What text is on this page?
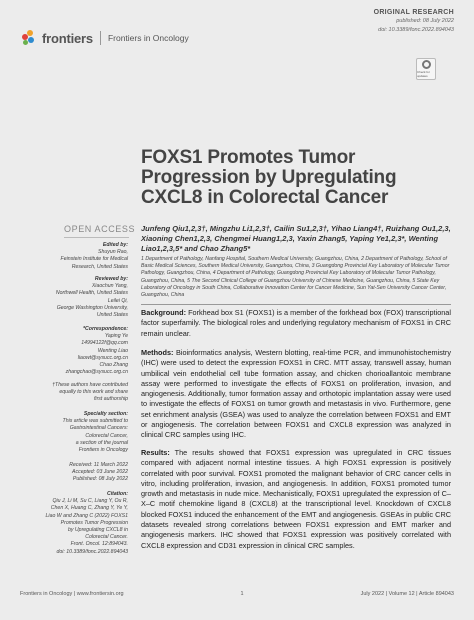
frontiers Frontiers in Oncology
ORIGINAL RESEARCH
published: 08 July 2022
doi: 10.3389/fonc.2022.894043
Check for updates
FOXS1 Promotes Tumor Progression by Upregulating CXCL8 in Colorectal Cancer
OPEN ACCESS
Edited by:
Shuyun Rao,
Feinstein Institute for Medical
Research, United States
Reviewed by:
Xiaochun Yang,
Northwell Health, United States
Leilei Qi,
George Washington University,
United States
*Correspondence:
Yaping Ye
14994122f@qq.com
Wenting Liao
liaowt@sysucc.org.cn
Chao Zhang
zhangchao@sysucc.org.cn
†These authors have contributed
equally to this work and share
first authorship
Specialty section:
This article was submitted to
Gastrointestinal Cancers:
Colorectal Cancer,
a section of the journal
Frontiers in Oncology
Received: 11 March 2022
Accepted: 03 June 2022
Published: 08 July 2022
Citation:
Qiu J, Li M, Su C, Liang Y, Ou R,
Chen X, Huang C, Zhang Y, Ye Y,
Liao W and Zhang C (2022) FOXS1
Promotes Tumor Progression
by Upregulating CXCL8 in
Colorectal Cancer.
Front. Oncol. 12:894043.
doi: 10.3389/fonc.2022.894043
Junfeng Qiu1,2,3†, Mingzhu Li1,2,3†, Cailin Su1,2,3†, Yihao Liang4†, Ruizhang Ou1,2,3, Xiaoning Chen1,2,3, Chengmei Huang1,2,3, Yaxin Zhang5, Yaping Ye1,2,3*, Wenting Liao1,2,3,5* and Chao Zhang5*
1 Department of Pathology, Nanfang Hospital, Southern Medical University, Guangzhou, China, 2 Department of Pathology, School of Basic Medical Sciences, Southern Medical University, Guangzhou, China, 3 Guangdong Provincial Key Laboratory of Molecular Tumor Pathology, Guangzhou, China, 4 Department of Pathology, Guangdong Provincial Key Laboratory of Molecular Tumor Pathology, Guangzhou, China, 5 The Second Clinical College of Guangzhou University of Chinese Medicine, Guangzhou, China, 5 State Key Laboratory of Oncology in South China, Collaborative Innovation Center for Cancer Medicine, Sun Yat-Sen University Cancer Center, Guangzhou, China
Background: Forkhead box S1 (FOXS1) is a member of the forkhead box (FOX) transcriptional factor superfamily. The biological roles and underlying regulatory mechanism of FOXS1 in CRC remain unclear.
Methods: Bioinformatics analysis, Western blotting, real-time PCR, and immunohistochemistry (IHC) were used to detect the expression FOXS1 in CRC. MTT assay, transwell assay, human umbilical vein endothelial cell tube formation assay, and chicken chorioallantoic membrane assay were performed to investigate the effects of FOXS1 on proliferation, invasion, and angiogenesis. Additionally, tumor formation assay and orthotopic implantation assay were used to investigate the effects of FOXS1 on tumor growth and metastasis in vivo. Furthermore, gene set enrichment analysis (GSEA) was used to analyze the correlation between FOXS1 and EMT or angiogenesis. The correlation between FOXS1 and CXCL8 expression was analyzed in clinical CRC samples using IHC.
Results: The results showed that FOXS1 expression was upregulated in CRC tissues compared with adjacent normal intestine tissues. A high FOXS1 expression is positively correlated with poor survival. FOXS1 promoted the malignant behavior of CRC cancer cells in vitro, including proliferation, invasion, and angiogenesis. In addition, FOXS1 promoted tumor growth and metastasis in nude mice. Mechanistically, FOXS1 upregulated the expression of C–X–C motif chemokine ligand 8 (CXCL8) at the transcriptional level. Knockdown of CXCL8 blocked FOXS1 induced the enhancement of the EMT and angiogenesis. GSEAs in public CRC datasets revealed strong correlations between FOXS1 expression and EMT marker and angiogenesis markers. IHC showed that FOXS1 expression was positively correlated with CXCL8 expression and CD31 expression in clinical CRC samples.
Frontiers in Oncology | www.frontiersin.org	1	July 2022 | Volume 12 | Article 894043
